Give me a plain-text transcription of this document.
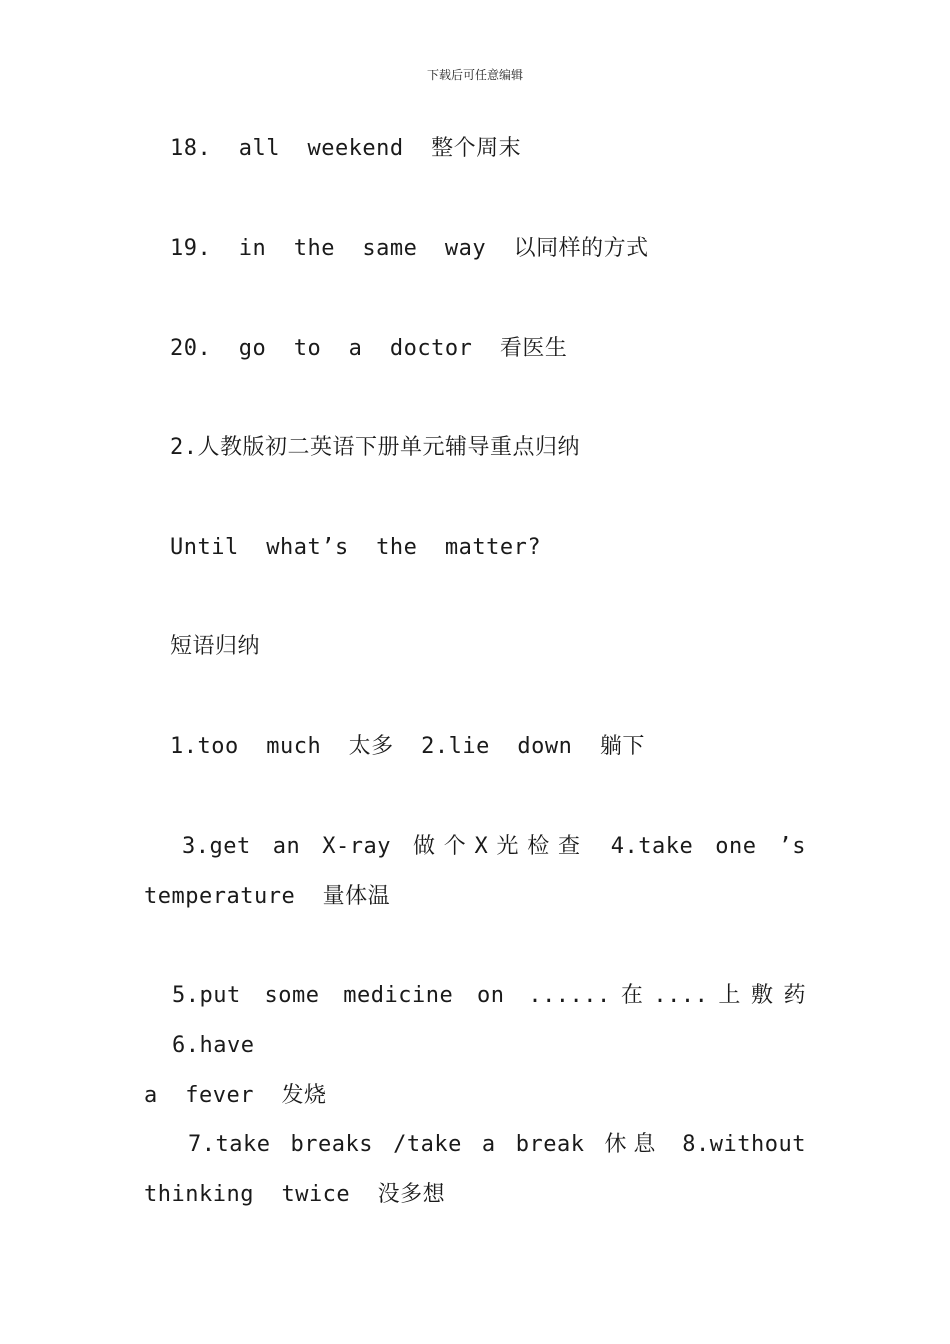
下载后可任意编辑
18.  all  weekend  整个周末
19.  in  the  same  way  以同样的方式
20.  go  to  a  doctor  看医生
2.人教版初二英语下册单元辅导重点归纳
Until  what’s  the  matter?
短语归纳
1.too  much  太多  2.lie  down  躺下
3.get an X-ray 做个X光检查 4.take one ’s
temperature  量体温
5.put some medicine on ......在....上敷药 6.have
a  fever  发烧
7.take breaks /take a break 休息 8.without
thinking  twice  没多想
